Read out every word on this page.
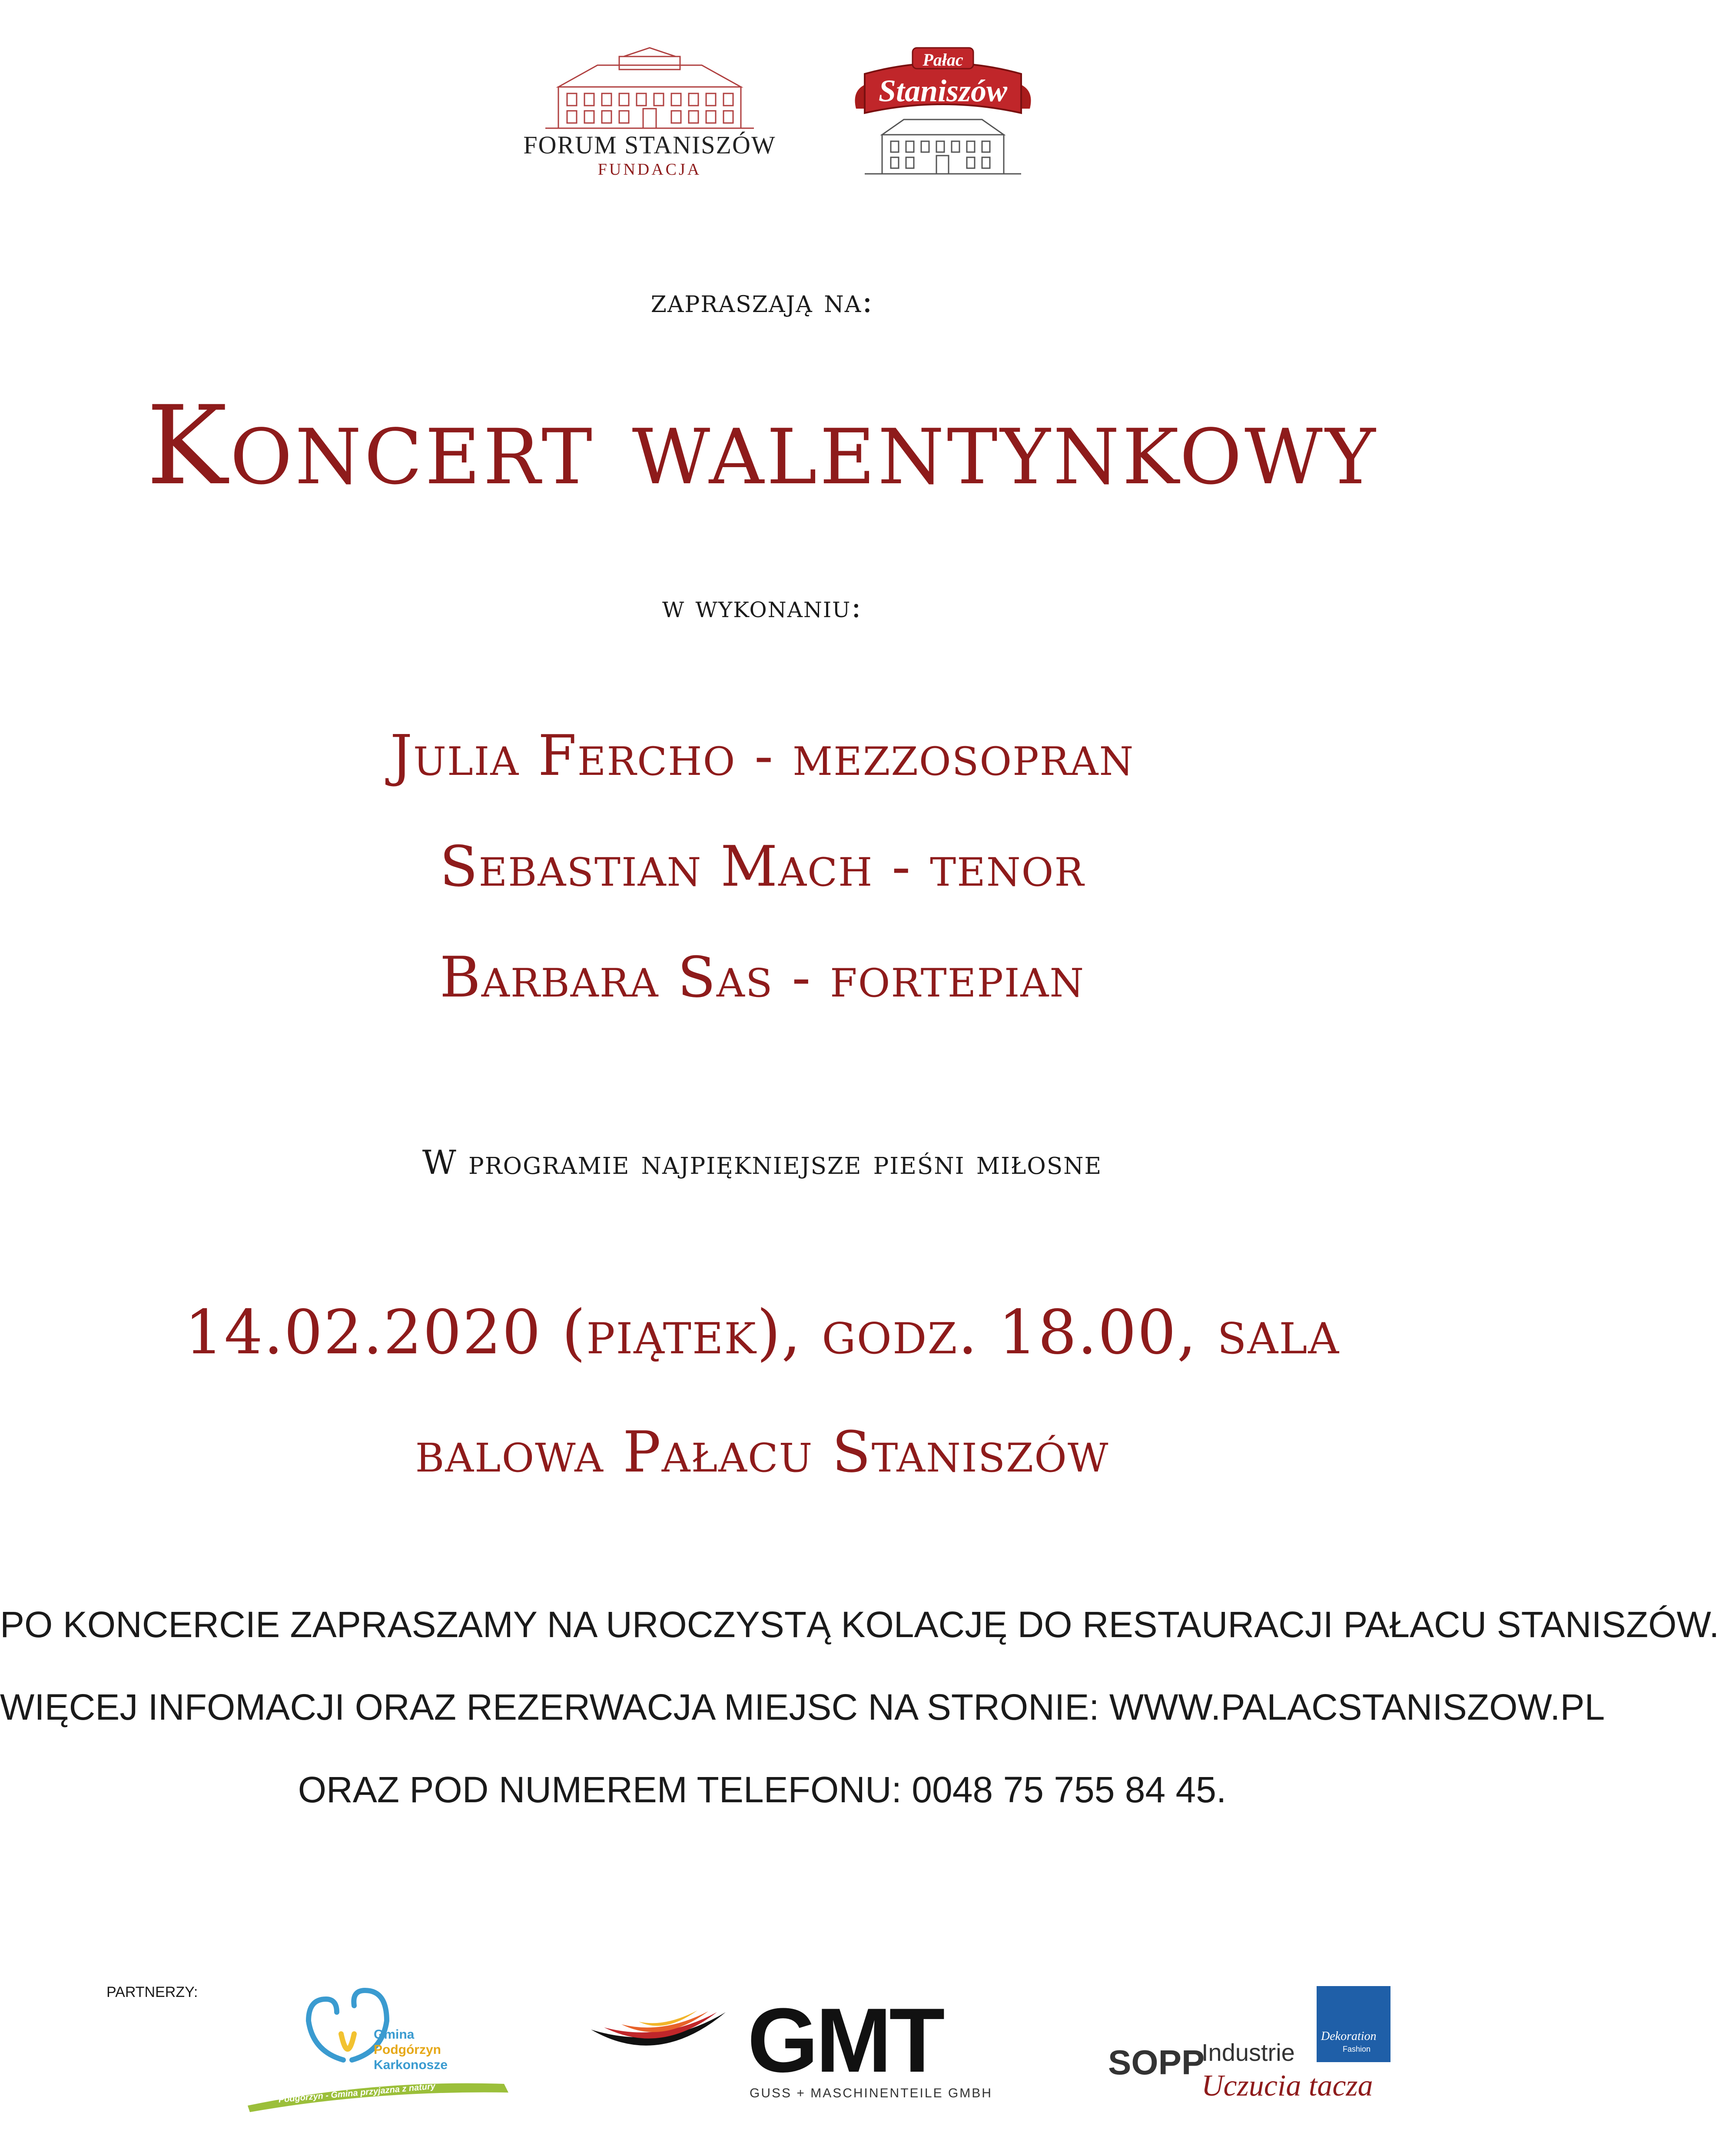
FORUM STANISZÓW
FUNDACJA
Pałac
Staniszów
zapraszają na:
Koncert walentynkowy
w wykonaniu:
Julia Fercho - mezzosopran
Sebastian Mach - tenor
Barbara Sas - fortepian
W programie najpiękniejsze pieśni miłosne
14.02.2020 (piątek), godz. 18.00, sala
balowa Pałacu Staniszów
PO KONCERCIE ZAPRASZAMY NA UROCZYSTĄ KOLACJĘ DO RESTAURACJI PAŁACU STANISZÓW.
WIĘCEJ INFOMACJI ORAZ REZERWACJA MIEJSC NA STRONIE: WWW.PALACSTANISZOW.PL
ORAZ POD NUMEREM TELEFONU: 0048 75 755 84 45.
PARTNERZY:
Gmina
Podgórzyn
Karkonosze
Podgórzyn - Gmina przyjazna z natury
GMT
GUSS + MASCHINENTEILE GMBH
Dekoration
Fashion
SOPP
Industrie
Uczucia tacza
